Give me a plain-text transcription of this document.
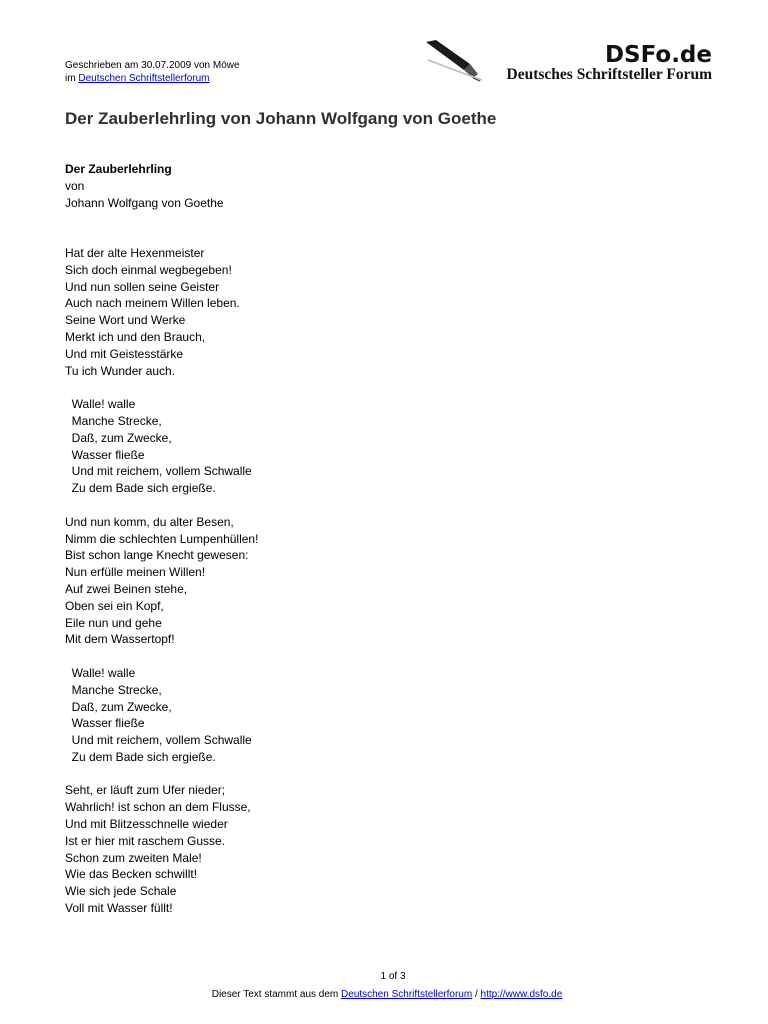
Geschrieben am 30.07.2009 von Möwe
im Deutschen Schriftstellerforum
DSFo.de
Deutsches Schriftsteller Forum
Der Zauberlehrling von Johann Wolfgang von Goethe
Der Zauberlehrling
von
Johann Wolfgang von Goethe
Hat der alte Hexenmeister
Sich doch einmal wegbegeben!
Und nun sollen seine Geister
Auch nach meinem Willen leben.
Seine Wort und Werke
Merkt ich und den Brauch,
Und mit Geistesstärke
Tu ich Wunder auch.
Walle! walle
Manche Strecke,
Daß, zum Zwecke,
Wasser fließe
Und mit reichem, vollem Schwalle
Zu dem Bade sich ergieße.
Und nun komm, du alter Besen,
Nimm die schlechten Lumpenhüllen!
Bist schon lange Knecht gewesen:
Nun erfülle meinen Willen!
Auf zwei Beinen stehe,
Oben sei ein Kopf,
Eile nun und gehe
Mit dem Wassertopf!
Walle! walle
Manche Strecke,
Daß, zum Zwecke,
Wasser fließe
Und mit reichem, vollem Schwalle
Zu dem Bade sich ergieße.
Seht, er läuft zum Ufer nieder;
Wahrlich! ist schon an dem Flusse,
Und mit Blitzesschnelle wieder
Ist er hier mit raschem Gusse.
Schon zum zweiten Male!
Wie das Becken schwillt!
Wie sich jede Schale
Voll mit Wasser füllt!
1 of 3
Dieser Text stammt aus dem Deutschen Schriftstellerforum / http://www.dsfo.de
